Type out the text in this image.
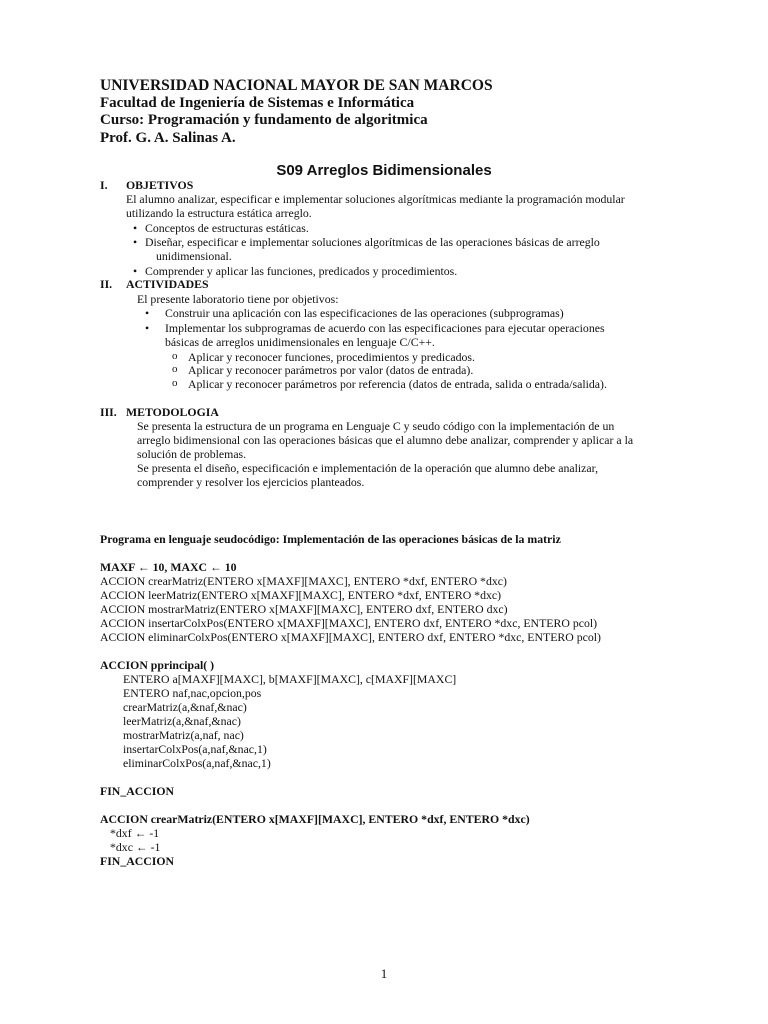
UNIVERSIDAD NACIONAL MAYOR DE SAN MARCOS
Facultad de Ingeniería de Sistemas e Informática
Curso: Programación y fundamento de algoritmica
Prof. G. A. Salinas A.
S09 Arreglos Bidimensionales
I. OBJETIVOS
El alumno analizar, especificar e implementar soluciones algorítmicas mediante la programación modular
utilizando la estructura estática arreglo.
• Conceptos de estructuras estáticas.
• Diseñar, especificar e implementar soluciones algorítmicas de las operaciones básicas de arreglo
unidimensional.
• Comprender y aplicar las funciones, predicados y procedimientos.
II. ACTIVIDADES
El presente laboratorio tiene por objetivos:
• Construir una aplicación con las especificaciones de las operaciones (subprogramas)
• Implementar los subprogramas de acuerdo con las especificaciones para ejecutar operaciones
básicas de arreglos unidimensionales en lenguaje C/C++.
o Aplicar y reconocer funciones, procedimientos y predicados.
o Aplicar y reconocer parámetros por valor (datos de entrada).
o Aplicar y reconocer parámetros por referencia (datos de entrada, salida o entrada/salida).
III. METODOLOGIA
Se presenta la estructura de un programa en Lenguaje C y seudo código con la implementación de un
arreglo bidimensional con las operaciones básicas que el alumno debe analizar, comprender y aplicar a la
solución de problemas.
Se presenta el diseño, especificación e implementación de la operación que alumno debe analizar,
comprender y resolver los ejercicios planteados.
Programa en lenguaje seudocódigo: Implementación de las operaciones básicas de la matriz
MAXF ← 10, MAXC ← 10
ACCION crearMatriz(ENTERO x[MAXF][MAXC], ENTERO *dxf, ENTERO *dxc)
ACCION leerMatriz(ENTERO x[MAXF][MAXC], ENTERO *dxf, ENTERO *dxc)
ACCION mostrarMatriz(ENTERO x[MAXF][MAXC], ENTERO dxf, ENTERO dxc)
ACCION insertarColxPos(ENTERO x[MAXF][MAXC], ENTERO dxf, ENTERO *dxc, ENTERO pcol)
ACCION eliminarColxPos(ENTERO x[MAXF][MAXC], ENTERO dxf, ENTERO *dxc, ENTERO pcol)
ACCION pprincipal( )
ENTERO a[MAXF][MAXC], b[MAXF][MAXC], c[MAXF][MAXC]
ENTERO naf,nac,opcion,pos
crearMatriz(a,&naf,&nac)
leerMatriz(a,&naf,&nac)
mostrarMatriz(a,naf, nac)
insertarColxPos(a,naf,&nac,1)
eliminarColxPos(a,naf,&nac,1)
FIN_ACCION
ACCION crearMatriz(ENTERO x[MAXF][MAXC], ENTERO *dxf, ENTERO *dxc)
*dxf ← -1
*dxc ← -1
FIN_ACCION
1
